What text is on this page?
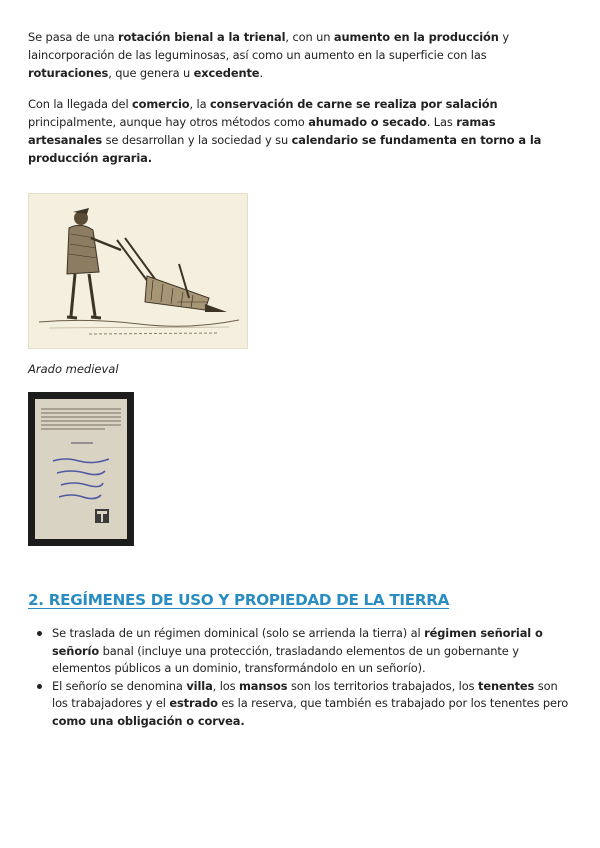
Se pasa de una rotación bienal a la trienal, con un aumento en la producción y laincorporación de las leguminosas, así como un aumento en la superficie con las roturaciones, que genera u excedente.

Con la llegada del comercio, la conservación de carne se realiza por salación principalmente, aunque hay otros métodos como ahumado o secado. Las ramas artesanales se desarrollan y la sociedad y su calendario se fundamenta en torno a la producción agraria.

Arado medieval
2. REGÍMENES DE USO Y PROPIEDAD DE LA TIERRA
Se traslada de un régimen dominical (solo se arrienda la tierra) al régimen señorial o señorío banal (incluye una protección, trasladando elementos de un gobernante y elementos públicos a un dominio, transformándolo en un señorío).
El señorío se denomina villa, los mansos son los territorios trabajados, los tenentes son los trabajadores y el estrado es la reserva, que también es trabajado por los tenentes pero como una obligación o corvea.
